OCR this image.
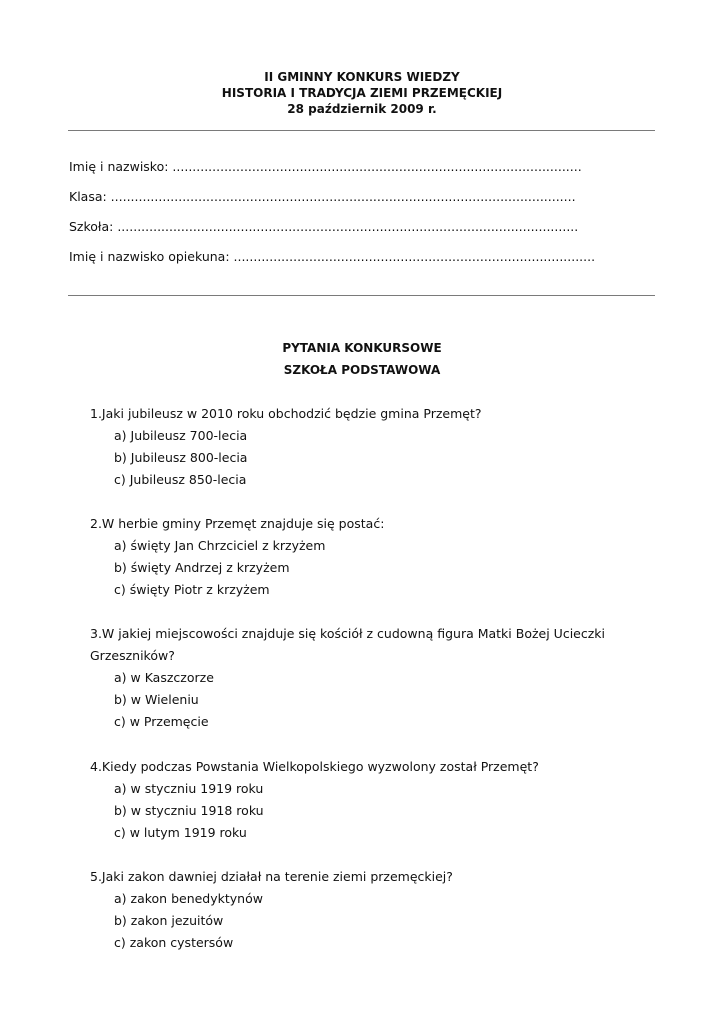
II GMINNY KONKURS WIEDZY
HISTORIA I TRADYCJA ZIEMI PRZEMĘCKIEJ
28 październik 2009 r.
Imię i nazwisko: .......................................................................................................
Klasa: .....................................................................................................................
Szkoła: ....................................................................................................................
Imię i nazwisko opiekuna: ...........................................................................................
PYTANIA KONKURSOWE
SZKOŁA PODSTAWOWA
1.Jaki jubileusz w 2010 roku obchodzić będzie gmina Przemęt?
a) Jubileusz 700-lecia
b) Jubileusz 800-lecia
c) Jubileusz 850-lecia
2.W herbie gminy Przemęt znajduje się postać:
a) święty Jan Chrzciciel z krzyżem
b) święty Andrzej z krzyżem
c) święty Piotr z krzyżem
3.W jakiej miejscowości znajduje się kościół z cudowną figura Matki Bożej Ucieczki
Grzeszników?
a) w Kaszczorze
b) w Wieleniu
c) w Przemęcie
4.Kiedy podczas Powstania Wielkopolskiego wyzwolony został Przemęt?
a) w styczniu 1919 roku
b) w styczniu 1918 roku
c) w lutym 1919 roku
5.Jaki zakon dawniej działał na terenie ziemi przemęckiej?
a) zakon benedyktynów
b) zakon jezuitów
c) zakon cystersów
